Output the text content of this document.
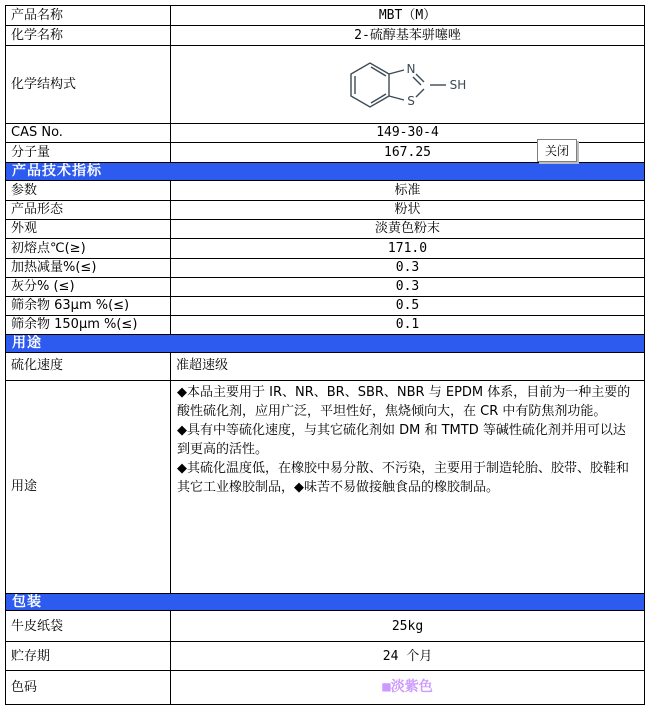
产品名称	MBT（M）
化学名称	2-硫醇基苯骈噻唑
化学结构式	N
S
SH

CAS No.	149-30-4
分子量	167.25
产品技术指标	
参数	标准
产品形态	粉状
外观	淡黄色粉末
初熔点℃(≥)	171.0
加热减量%(≤)	0.3
灰分% (≤)	0.3
筛余物 63μm %(≤)	0.5
筛余物 150μm %(≤)	0.1
用途	
硫化速度	准超速级
用途	◆本品主要用于 IR、NR、BR、SBR、NBR 与 EPDM 体系，目前为一种主要的酸性硫化剂，应用广泛，平坦性好，焦烧倾向大，在 CR 中有防焦剂功能。

◆具有中等硫化速度，与其它硫化剂如 DM 和 TMTD 等碱性硫化剂并用可以达到更高的活性。

◆其硫化温度低，在橡胶中易分散、不污染，主要用于制造轮胎、胶带、胶鞋和其它工业橡胶制品，◆味苦不易做接触食品的橡胶制品。

包装	
牛皮纸袋	25kg
贮存期	24 个月
色码	■淡紫色
关闭
